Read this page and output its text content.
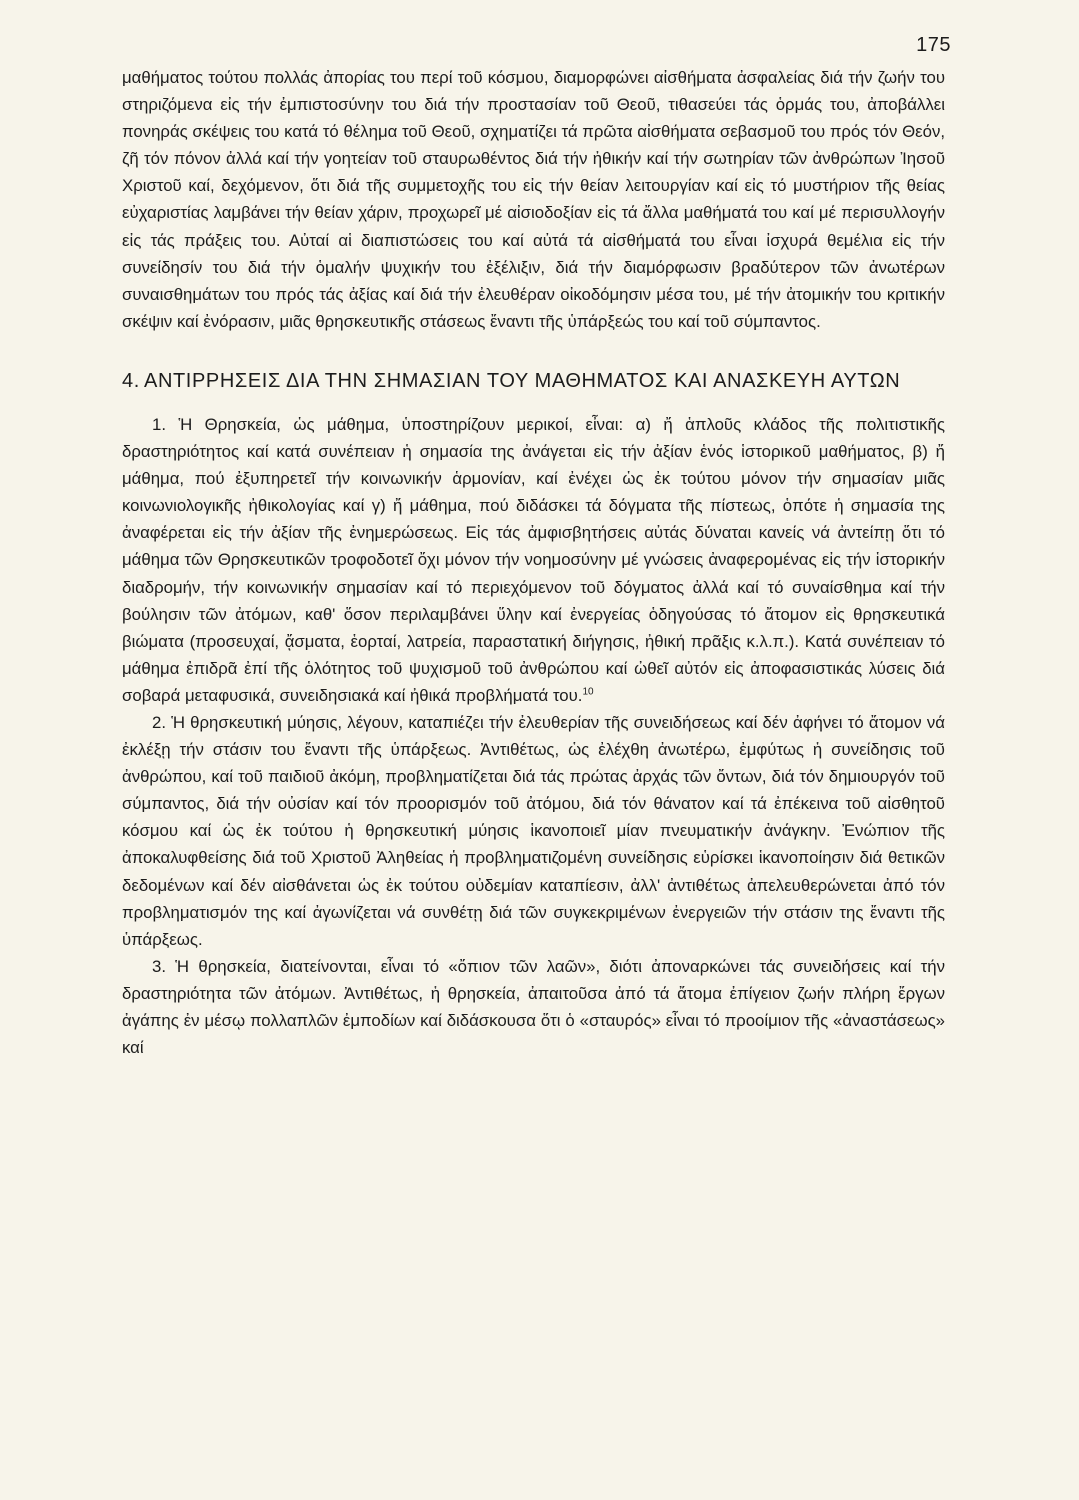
175

μαθήματος τούτου πολλάς ἀπορίας του περί τοῦ κόσμου, διαμορφώνει αἰσθήματα ἀσφαλείας διά τήν ζωήν του στηριζόμενα εἰς τήν ἐμπιστοσύνην του διά τήν προστασίαν τοῦ Θεοῦ, τιθασεύει τάς ὁρμάς του, ἀποβάλλει πονηράς σκέψεις του κατά τό θέλημα τοῦ Θεοῦ, σχηματίζει τά πρῶτα αἰσθήματα σεβασμοῦ του πρός τόν Θεόν, ζῆ τόν πόνον ἀλλά καί τήν γοητείαν τοῦ σταυρωθέντος διά τήν ἠθικήν καί τήν σωτηρίαν τῶν ἀνθρώπων Ἰησοῦ Χριστοῦ καί, δεχόμενον, ὅτι διά τῆς συμμετοχῆς του εἰς τήν θείαν λειτουργίαν καί εἰς τό μυστήριον τῆς θείας εὐχαριστίας λαμβάνει τήν θείαν χάριν, προχωρεῖ μέ αἰσιοδοξίαν εἰς τά ἄλλα μαθήματά του καί μέ περισυλλογήν εἰς τάς πράξεις του. Αὐταί αἱ διαπιστώσεις του καί αὐτά τά αἰσθήματά του εἶναι ἰσχυρά θεμέλια εἰς τήν συνείδησίν του διά τήν ὁμαλήν ψυχικήν του ἐξέλιξιν, διά τήν διαμόρφωσιν βραδύτερον τῶν ἀνωτέρων συναισθημάτων του πρός τάς ἀξίας καί διά τήν ἐλευθέραν οἰκοδόμησιν μέσα του, μέ τήν ἀτομικήν του κριτικήν σκέψιν καί ἐνόρασιν, μιᾶς θρησκευτικῆς στάσεως ἔναντι τῆς ὑπάρξεώς του καί τοῦ σύμπαντος.

4. ΑΝΤΙΡΡΗΣΕΙΣ ΔΙΑ ΤΗΝ ΣΗΜΑΣΙΑΝ ΤΟΥ ΜΑΘΗΜΑΤΟΣ ΚΑΙ ΑΝΑΣΚΕΥΗ ΑΥΤΩΝ

1. Ἡ Θρησκεία, ὡς μάθημα, ὑποστηρίζουν μερικοί, εἶναι: α) ἤ ἁπλοῦς κλάδος τῆς πολιτιστικῆς δραστηριότητος καί κατά συνέπειαν ἡ σημασία της ἀνάγεται εἰς τήν ἀξίαν ἑνός ἱστορικοῦ μαθήματος, β) ἤ μάθημα, πού ἐξυπηρετεῖ τήν κοινωνικήν ἁρμονίαν, καί ἐνέχει ὡς ἐκ τούτου μόνον τήν σημασίαν μιᾶς κοινωνιολογικῆς ἠθικολογίας καί γ) ἤ μάθημα, πού διδάσκει τά δόγματα τῆς πίστεως, ὁπότε ἡ σημασία της ἀναφέρεται εἰς τήν ἀξίαν τῆς ἐνημερώσεως. Εἰς τάς ἀμφισβητήσεις αὐτάς δύναται κανείς νά ἀντείπῃ ὅτι τό μάθημα τῶν Θρησκευτικῶν τροφοδοτεῖ ὄχι μόνον τήν νοημοσύνην μέ γνώσεις ἀναφερομένας εἰς τήν ἱστορικήν διαδρομήν, τήν κοινωνικήν σημασίαν καί τό περιεχόμενον τοῦ δόγματος ἀλλά καί τό συναίσθημα καί τήν βούλησιν τῶν ἀτόμων, καθ' ὅσον περιλαμβάνει ὕλην καί ἐνεργείας ὁδηγούσας τό ἄτομον εἰς θρησκευτικά βιώματα (προσευχαί, ᾄσματα, ἑορταί, λατρεία, παραστατική διήγησις, ἠθική πρᾶξις κ.λ.π.). Κατά συνέπειαν τό μάθημα ἐπιδρᾶ ἐπί τῆς ὁλότητος τοῦ ψυχισμοῦ τοῦ ἀνθρώπου καί ὠθεῖ αὐτόν εἰς ἀποφασιστικάς λύσεις διά σοβαρά μεταφυσικά, συνειδησιακά καί ἠθικά προβλήματά του.$^{10}$

2. Ἡ θρησκευτική μύησις, λέγουν, καταπιέζει τήν ἐλευθερίαν τῆς συνειδήσεως καί δέν ἀφήνει τό ἄτομον νά ἐκλέξῃ τήν στάσιν του ἔναντι τῆς ὑπάρξεως. Ἀντιθέτως, ὡς ἐλέχθη ἀνωτέρω, ἐμφύτως ἡ συνείδησις τοῦ ἀνθρώπου, καί τοῦ παιδιοῦ ἀκόμη, προβληματίζεται διά τάς πρώτας ἀρχάς τῶν ὄντων, διά τόν δημιουργόν τοῦ σύμπαντος, διά τήν οὐσίαν καί τόν προορισμόν τοῦ ἀτόμου, διά τόν θάνατον καί τά ἐπέκεινα τοῦ αἰσθητοῦ κόσμου καί ὡς ἐκ τούτου ἡ θρησκευτική μύησις ἱκανοποιεῖ μίαν πνευματικήν ἀνάγκην. Ἐνώπιον τῆς ἀποκαλυφθείσης διά τοῦ Χριστοῦ Ἀληθείας ἡ προβληματιζομένη συνείδησις εὑρίσκει ἱκανοποίησιν διά θετικῶν δεδομένων καί δέν αἰσθάνεται ὡς ἐκ τούτου οὐδεμίαν καταπίεσιν, ἀλλ' ἀντιθέτως ἀπελευθερώνεται ἀπό τόν προβληματισμόν της καί ἀγωνίζεται νά συνθέτῃ διά τῶν συγκεκριμένων ἐνεργειῶν τήν στάσιν της ἔναντι τῆς ὑπάρξεως.

3. Ἡ θρησκεία, διατείνονται, εἶναι τό «ὄπιον τῶν λαῶν», διότι ἀποναρκώνει τάς συνειδήσεις καί τήν δραστηριότητα τῶν ἀτόμων. Ἀντιθέτως, ἡ θρησκεία, ἀπαιτοῦσα ἀπό τά ἄτομα ἐπίγειον ζωήν πλήρη ἔργων ἀγάπης ἐν μέσῳ πολλαπλῶν ἐμποδίων καί διδάσκουσα ὅτι ὁ «σταυρός» εἶναι τό προοίμιον τῆς «ἀναστάσεως» καί
